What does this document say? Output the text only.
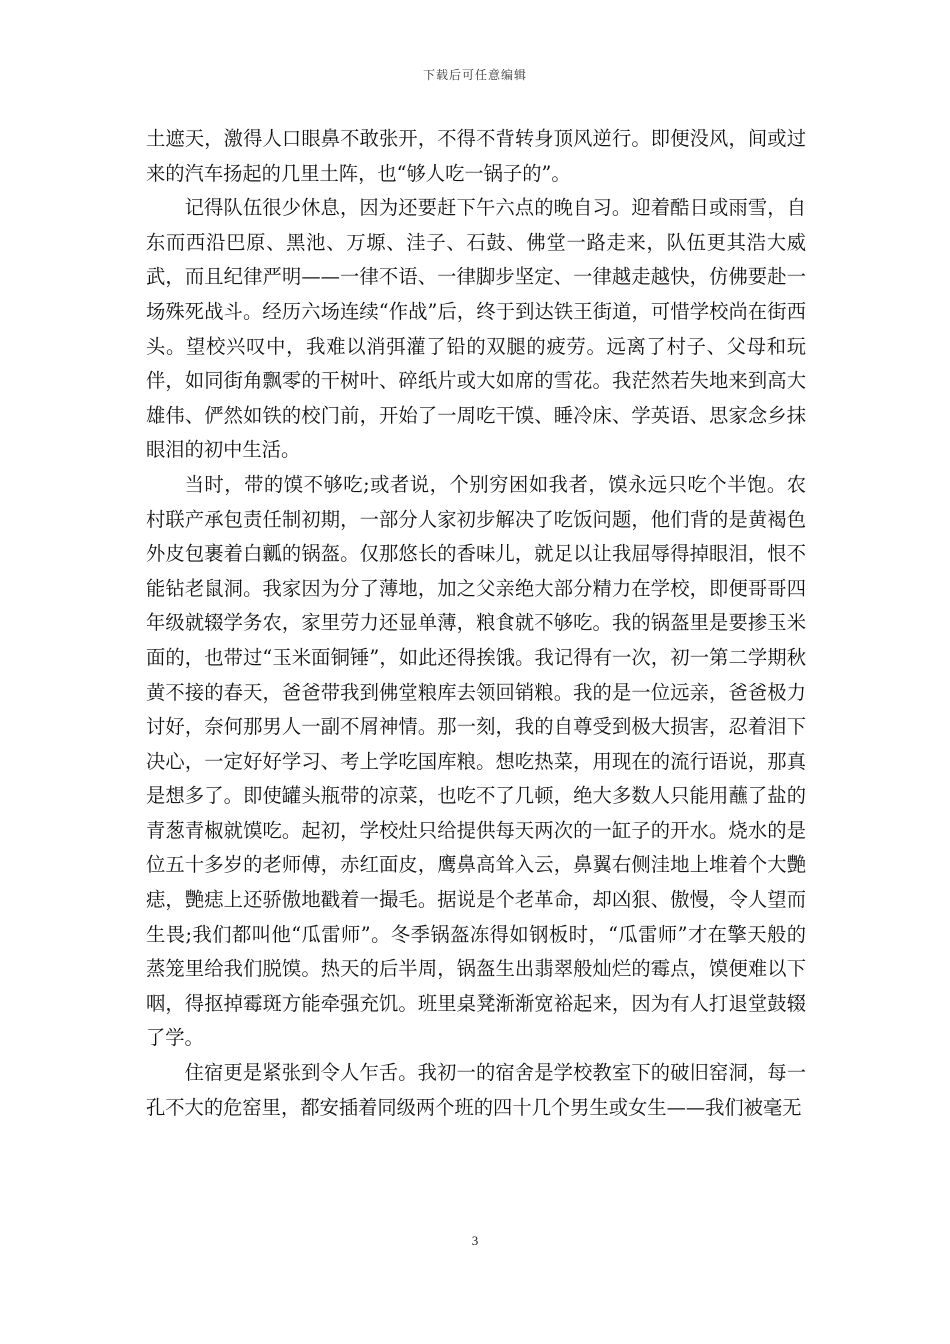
下载后可任意编辑

土遮天，激得人口眼鼻不敢张开，不得不背转身顶风逆行。即便没风，间或过来的汽车扬起的几里土阵，也“够人吃一锅子的”。

记得队伍很少休息，因为还要赶下午六点的晚自习。迎着酷日或雨雪，自东而西沿巴原、黑池、万塬、洼子、石鼓、佛堂一路走来，队伍更其浩大威武，而且纪律严明——一律不语、一律脚步坚定、一律越走越快，仿佛要赴一场殊死战斗。经历六场连续“作战”后，终于到达铁王街道，可惜学校尚在街西头。望校兴叹中，我难以消弭灌了铅的双腿的疲劳。远离了村子、父母和玩伴，如同街角飘零的干树叶、碎纸片或大如席的雪花。我茫然若失地来到高大雄伟、俨然如铁的校门前，开始了一周吃干馍、睡冷床、学英语、思家念乡抹眼泪的初中生活。

当时，带的馍不够吃;或者说，个别穷困如我者，馍永远只吃个半饱。农村联产承包责任制初期，一部分人家初步解决了吃饭问题，他们背的是黄褐色外皮包裹着白瓤的锅盔。仅那悠长的香味儿，就足以让我屈辱得掉眼泪，恨不能钻老鼠洞。我家因为分了薄地，加之父亲绝大部分精力在学校，即便哥哥四年级就辍学务农，家里劳力还显单薄，粮食就不够吃。我的锅盔里是要掺玉米面的，也带过“玉米面铜锤”，如此还得挨饿。我记得有一次，初一第二学期秋黄不接的春天，爸爸带我到佛堂粮库去领回销粮。我的是一位远亲，爸爸极力讨好，奈何那男人一副不屑神情。那一刻，我的自尊受到极大损害，忍着泪下决心，一定好好学习、考上学吃国库粮。想吃热菜，用现在的流行语说，那真是想多了。即使罐头瓶带的凉菜，也吃不了几顿，绝大多数人只能用蘸了盐的青葱青椒就馍吃。起初，学校灶只给提供每天两次的一缸子的开水。烧水的是位五十多岁的老师傅，赤红面皮，鹰鼻高耸入云，鼻翼右侧洼地上堆着个大艷痣，艷痣上还骄傲地戳着一撮毛。据说是个老革命，却凶狠、傲慢，令人望而生畏;我们都叫他“瓜雷师”。冬季锅盔冻得如钢板时，“瓜雷师”才在擎天般的蒸笼里给我们脱馍。热天的后半周，锅盔生出翡翠般灿烂的霉点，馍便难以下咽，得抠掉霉斑方能牵强充饥。班里桌凳渐渐宽裕起来，因为有人打退堂鼓辍了学。

住宿更是紧张到令人乍舌。我初一的宿舍是学校教室下的破旧窑洞，每一孔不大的危窑里，都安插着同级两个班的四十几个男生或女生——我们被毫无

3
